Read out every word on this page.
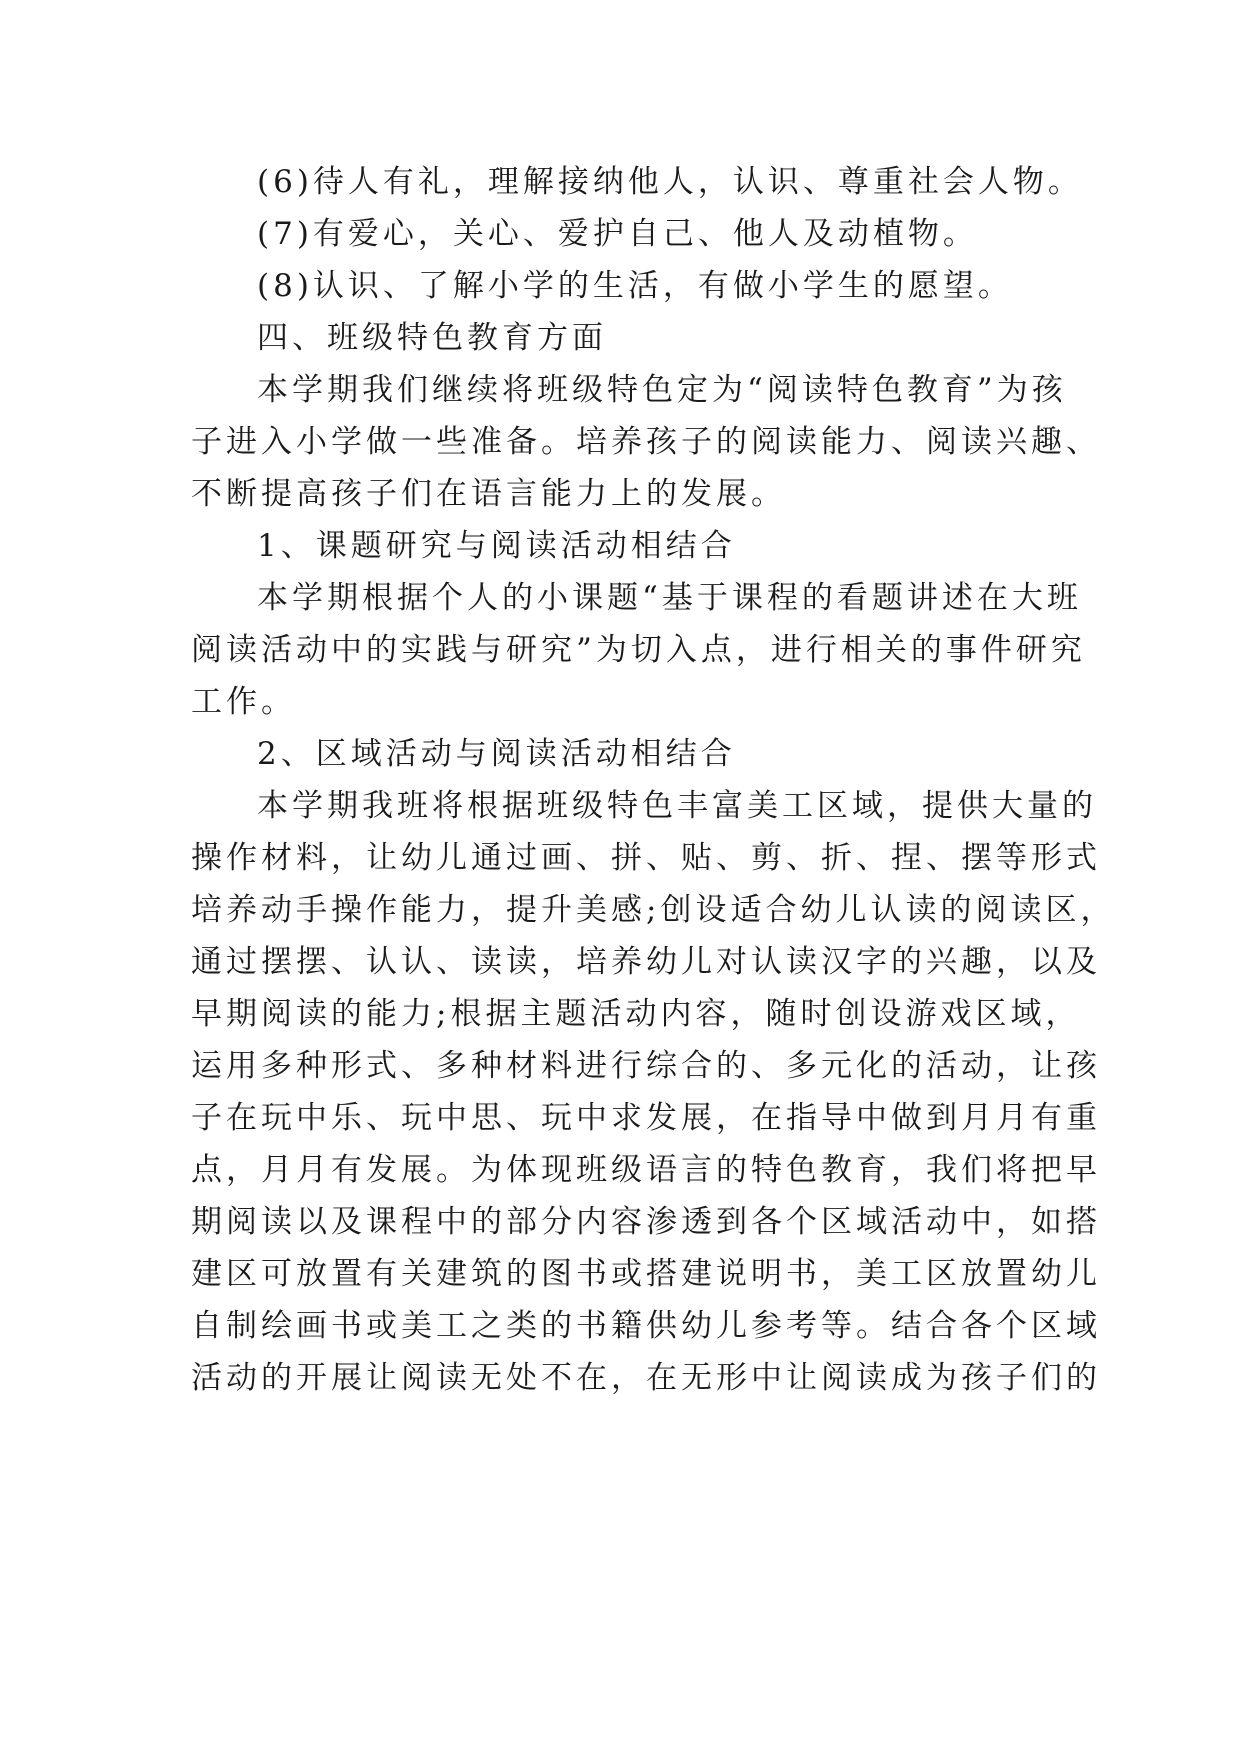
(6)待人有礼，理解接纳他人，认识、尊重社会人物。

(7)有爱心，关心、爱护自己、他人及动植物。

(8)认识、了解小学的生活，有做小学生的愿望。

四、班级特色教育方面

本学期我们继续将班级特色定为“阅读特色教育”为孩

子进入小学做一些准备。培养孩子的阅读能力、阅读兴趣、

不断提高孩子们在语言能力上的发展。

1、课题研究与阅读活动相结合

本学期根据个人的小课题“基于课程的看题讲述在大班

阅读活动中的实践与研究”为切入点，进行相关的事件研究

工作。

2、区域活动与阅读活动相结合

本学期我班将根据班级特色丰富美工区域，提供大量的

操作材料，让幼儿通过画、拼、贴、剪、折、捏、摆等形式

培养动手操作能力，提升美感;创设适合幼儿认读的阅读区，

通过摆摆、认认、读读，培养幼儿对认读汉字的兴趣，以及

早期阅读的能力;根据主题活动内容，随时创设游戏区域，

运用多种形式、多种材料进行综合的、多元化的活动，让孩

子在玩中乐、玩中思、玩中求发展，在指导中做到月月有重

点，月月有发展。为体现班级语言的特色教育，我们将把早

期阅读以及课程中的部分内容渗透到各个区域活动中，如搭

建区可放置有关建筑的图书或搭建说明书，美工区放置幼儿

自制绘画书或美工之类的书籍供幼儿参考等。结合各个区域

活动的开展让阅读无处不在，在无形中让阅读成为孩子们的
